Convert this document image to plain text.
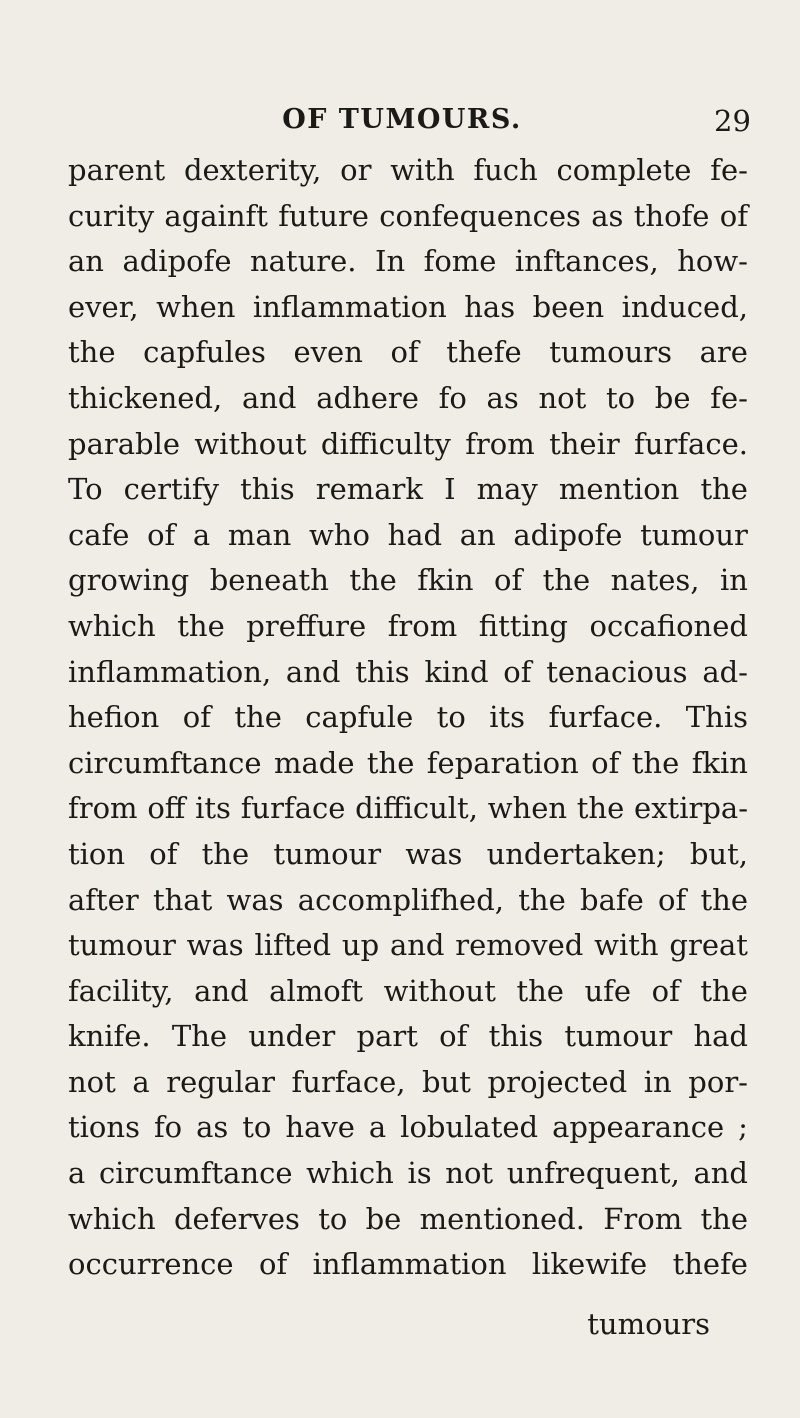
OF TUMOURS.	29
parent dexterity, or with fuch complete fe-
curity againft future confequences as thofe of
an adipofe nature. In fome inftances, how-
ever, when inflammation has been induced,
the capfules even of thefe tumours are
thickened, and adhere fo as not to be fe-
parable without difficulty from their furface.
To certify this remark I may mention the
cafe of a man who had an adipofe tumour
growing beneath the fkin of the nates, in
which the preffure from fitting occafioned
inflammation, and this kind of tenacious ad-
hefion of the capfule to its furface. This
circumftance made the feparation of the fkin
from off its furface difficult, when the extirpa-
tion of the tumour was undertaken; but,
after that was accomplifhed, the bafe of the
tumour was lifted up and removed with great
facility, and almoft without the ufe of the
knife. The under part of this tumour had
not a regular furface, but projected in por-
tions fo as to have a lobulated appearance ;
a circumftance which is not unfrequent, and
which deferves to be mentioned. From the
occurrence of inflammation likewife thefe
tumours
